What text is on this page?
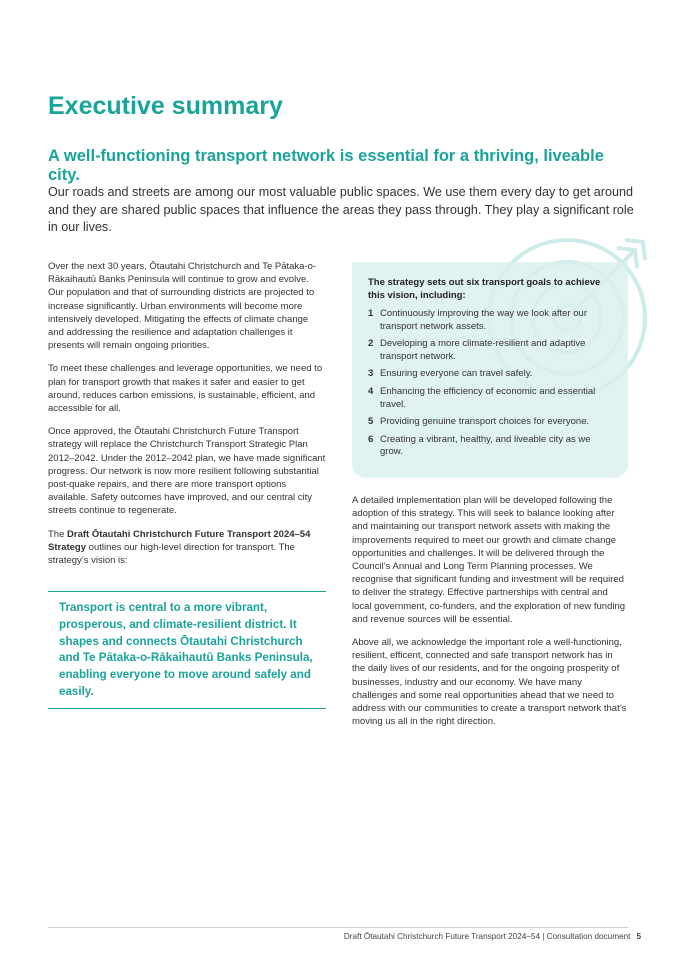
Executive summary
A well-functioning transport network is essential for a thriving, liveable city.

Our roads and streets are among our most valuable public spaces. We use them every day to get around and they are shared public spaces that influence the areas they pass through. They play a significant role in our lives.

Over the next 30 years, Ōtautahi Christchurch and Te Pātaka-o-Rākaihautū Banks Peninsula will continue to grow and evolve. Our population and that of surrounding districts are projected to increase significantly. Urban environments will become more intensively developed. Mitigating the effects of climate change and addressing the resilience and adaptation challenges it presents will remain ongoing priorities.

To meet these challenges and leverage opportunities, we need to plan for transport growth that makes it safer and easier to get around, reduces carbon emissions, is sustainable, efficient, and accessible for all.

Once approved, the Ōtautahi Christchurch Future Transport strategy will replace the Christchurch Transport Strategic Plan 2012–2042. Under the 2012–2042 plan, we have made significant progress. Our network is now more resilient following substantial post-quake repairs, and there are more transport options available. Safety outcomes have improved, and our central city streets continue to regenerate.

The Draft Ōtautahi Christchurch Future Transport 2024–54 Strategy outlines our high-level direction for transport. The strategy’s vision is:

Transport is central to a more vibrant, prosperous, and climate-resilient district. It shapes and connects Ōtautahi Christchurch and Te Pātaka-o-Rākaihautū Banks Peninsula, enabling everyone to move around safely and easily.

The strategy sets out six transport goals to achieve this vision, including:

1 Continuously improving the way we look after our transport network assets.
2 Developing a more climate-resilient and adaptive transport network.
3 Ensuring everyone can travel safely.
4 Enhancing the efficiency of economic and essential travel.
5 Providing genuine transport choices for everyone.
6 Creating a vibrant, healthy, and liveable city as we grow.

A detailed implementation plan will be developed following the adoption of this strategy. This will seek to balance looking after and maintaining our transport network assets with making the improvements required to meet our growth and climate change opportunities and challenges. It will be delivered through the Council’s Annual and Long Term Planning processes. We recognise that significant funding and investment will be required to deliver the strategy. Effective partnerships with central and local government, co-funders, and the exploration of new funding and revenue sources will be essential.

Above all, we acknowledge the important role a well-functioning, resilient, efficent, connected and safe transport network has in the daily lives of our residents, and for the ongoing prosperity of businesses, industry and our economy. We have many challenges and some real opportunities ahead that we need to address with our communities to create a transport network that’s moving us all in the right direction.

Draft Ōtautahi Christchurch Future Transport 2024–54 | Consultation document 5
